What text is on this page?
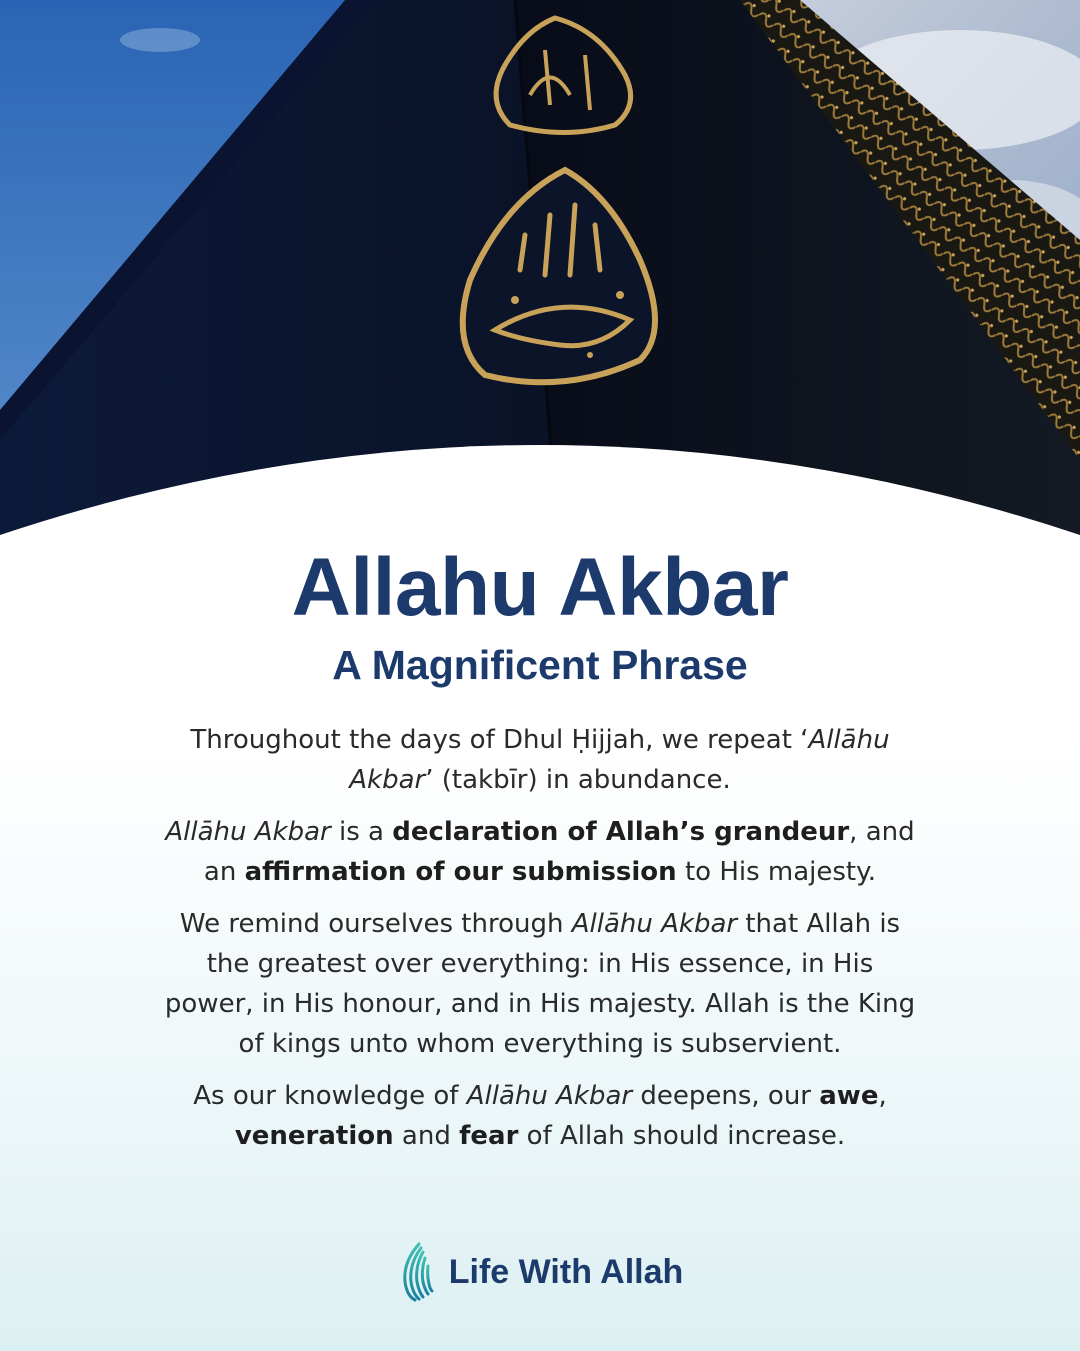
Allahu Akbar
A Magnificent Phrase

Throughout the days of Dhul Ḥijjah, we repeat ‘Allāhu Akbar’ (takbīr) in abundance.

Allāhu Akbar is a declaration of Allah’s grandeur, and an affirmation of our submission to His majesty.

We remind ourselves through Allāhu Akbar that Allah is the greatest over everything: in His essence, in His power, in His honour, and in His majesty. Allah is the King of kings unto whom everything is subservient.

As our knowledge of Allāhu Akbar deepens, our awe, veneration and fear of Allah should increase.

Life With Allah
